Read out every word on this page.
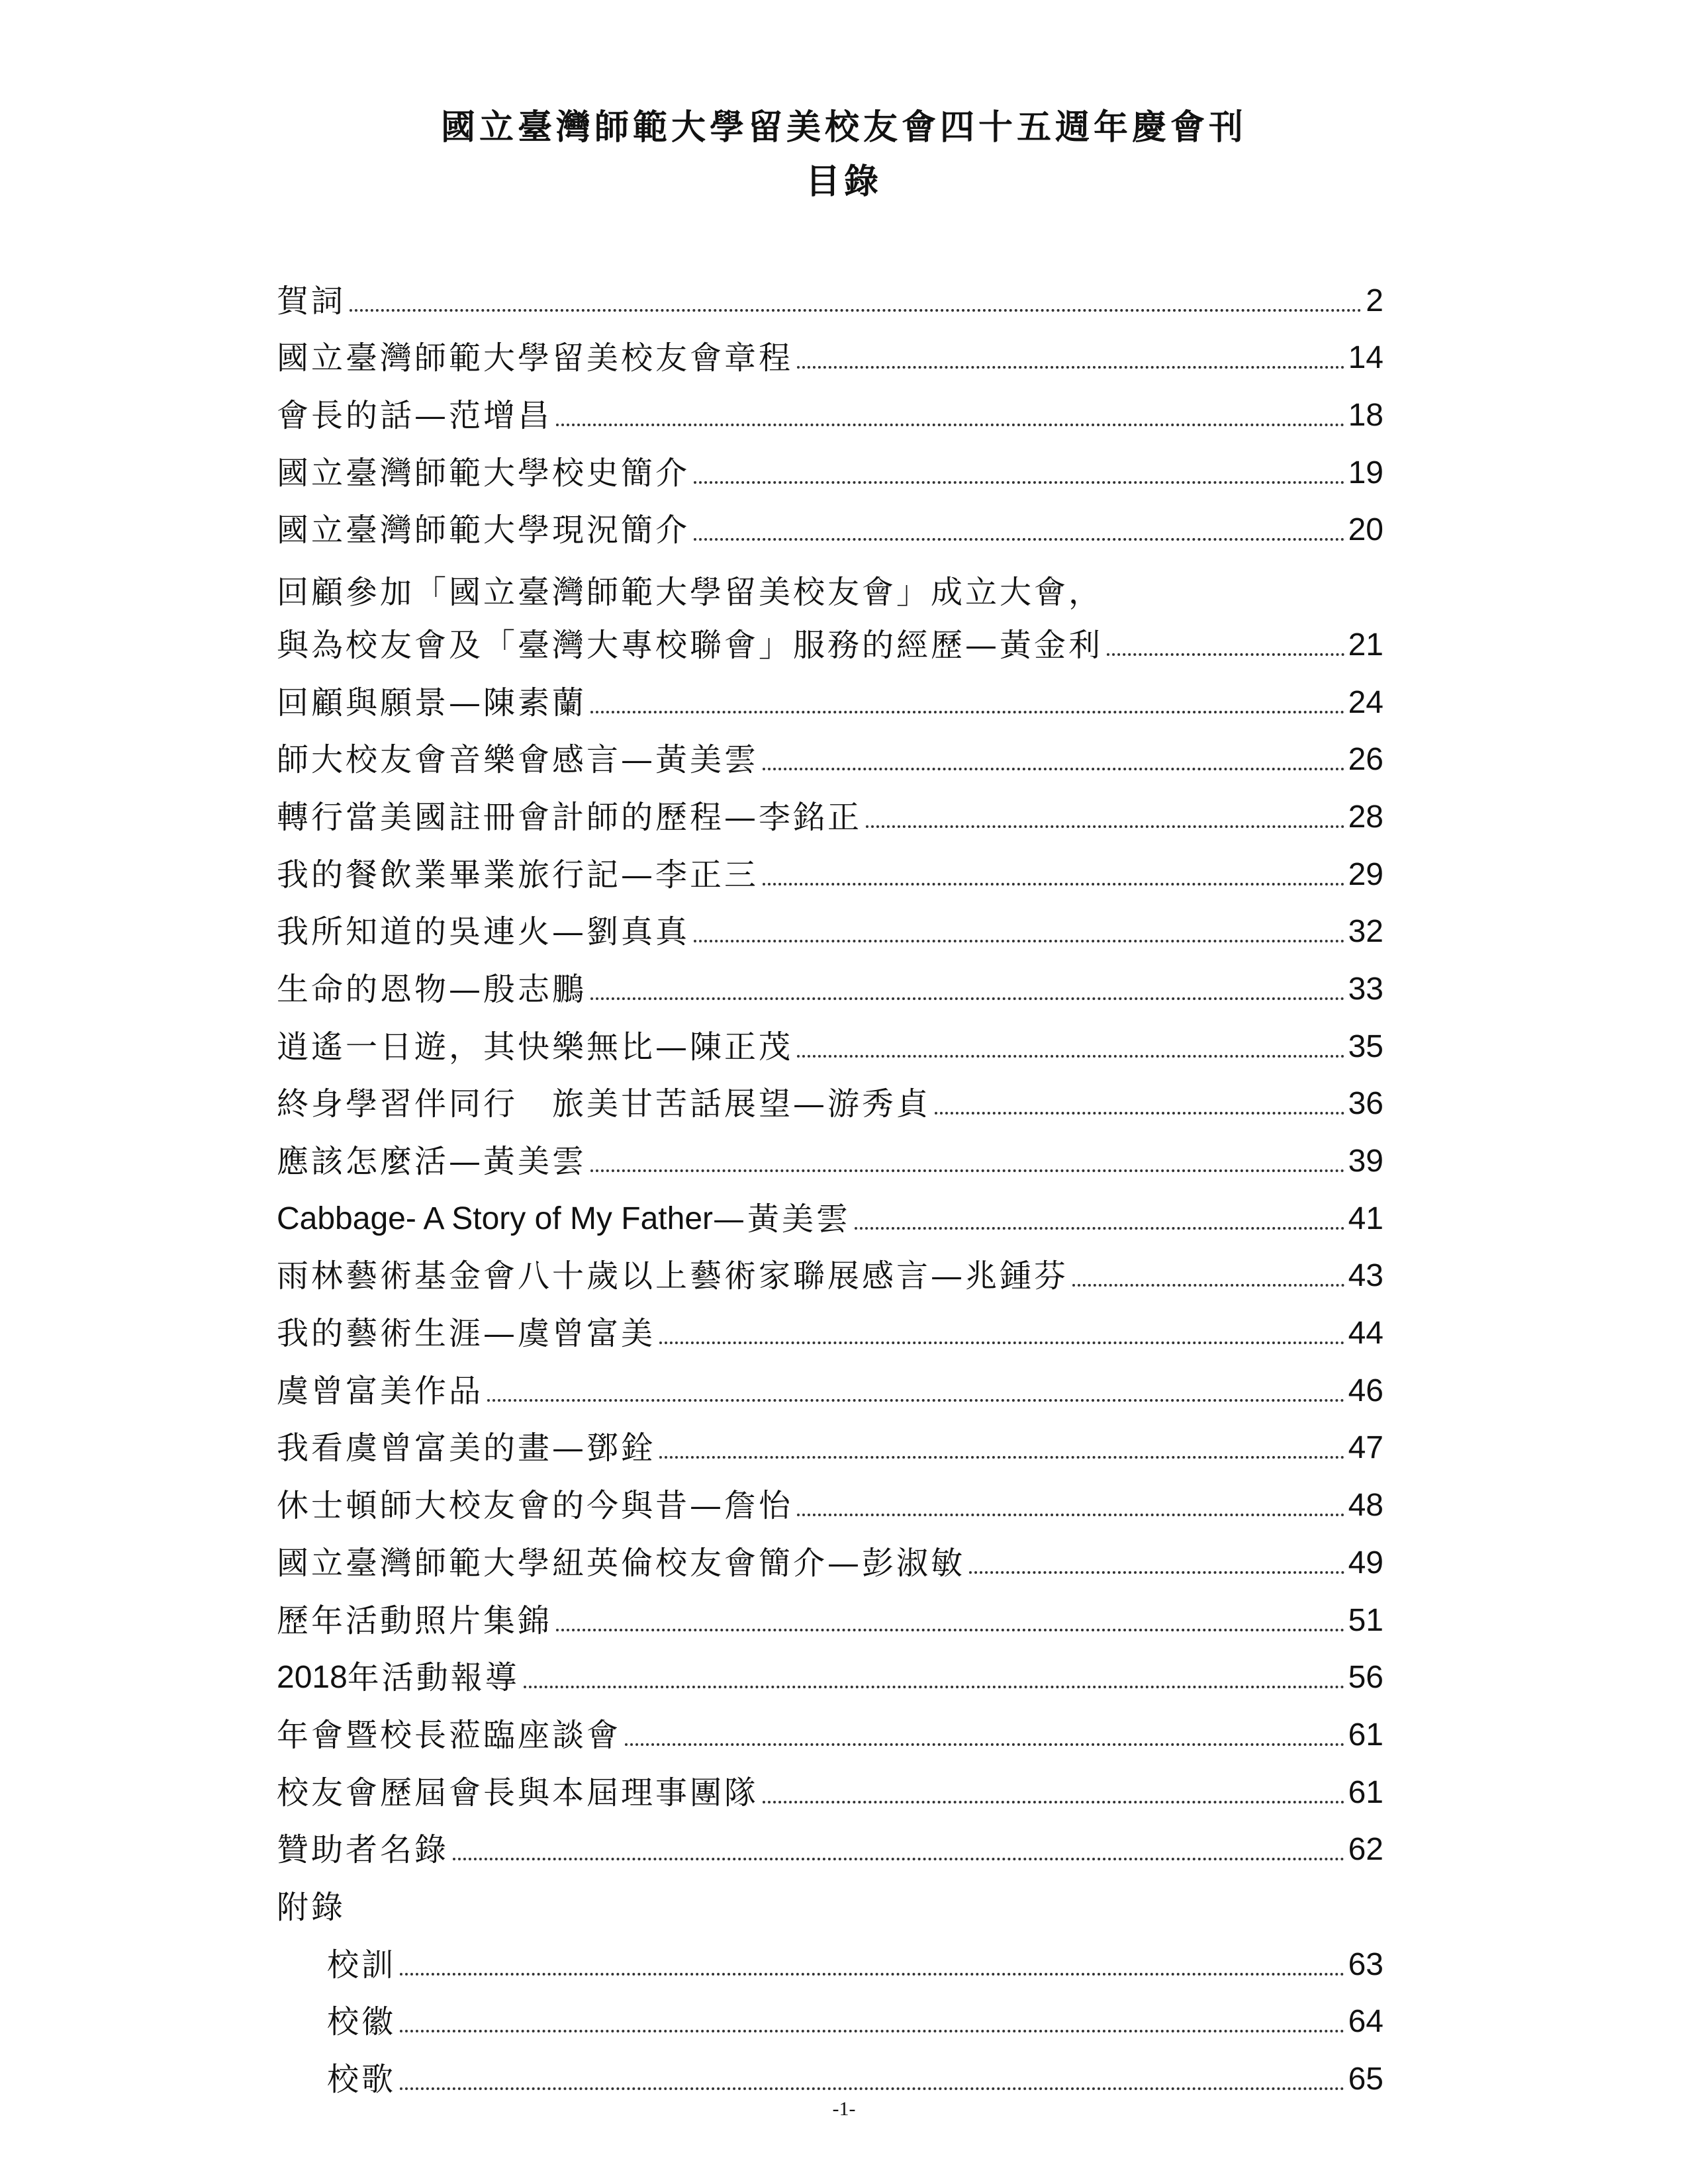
國立臺灣師範大學留美校友會四十五週年慶會刊
目錄
賀詞	2
國立臺灣師範大學留美校友會章程	14
會長的話—范增昌	18
國立臺灣師範大學校史簡介	19
國立臺灣師範大學現況簡介	20
回顧參加「國立臺灣師範大學留美校友會」成立大會，
與為校友會及「臺灣大專校聯會」服務的經歷—黃金利	21
回顧與願景—陳素蘭	24
師大校友會音樂會感言—黃美雲	26
轉行當美國註冊會計師的歷程—李銘正	28
我的餐飲業畢業旅行記—李正三	29
我所知道的吳連火—劉真真	32
生命的恩物—殷志鵬	33
逍遙一日遊，其快樂無比—陳正茂	35
終身學習伴同行　旅美甘苦話展望—游秀貞	36
應該怎麼活—黃美雲	39
Cabbage- A Story of My Father —黃美雲	41
雨林藝術基金會八十歲以上藝術家聯展感言—兆鍾芬	43
我的藝術生涯—虞曾富美	44
虞曾富美作品	46
我看虞曾富美的畫—鄧銓	47
休士頓師大校友會的今與昔—詹怡	48
國立臺灣師範大學紐英倫校友會簡介—彭淑敏	49
歷年活動照片集錦	51
2018 年活動報導	56
年會暨校長蒞臨座談會	61
校友會歷屆會長與本屆理事團隊	61
贊助者名錄	62
附錄
校訓	63
校徽	64
校歌	65
-1-
